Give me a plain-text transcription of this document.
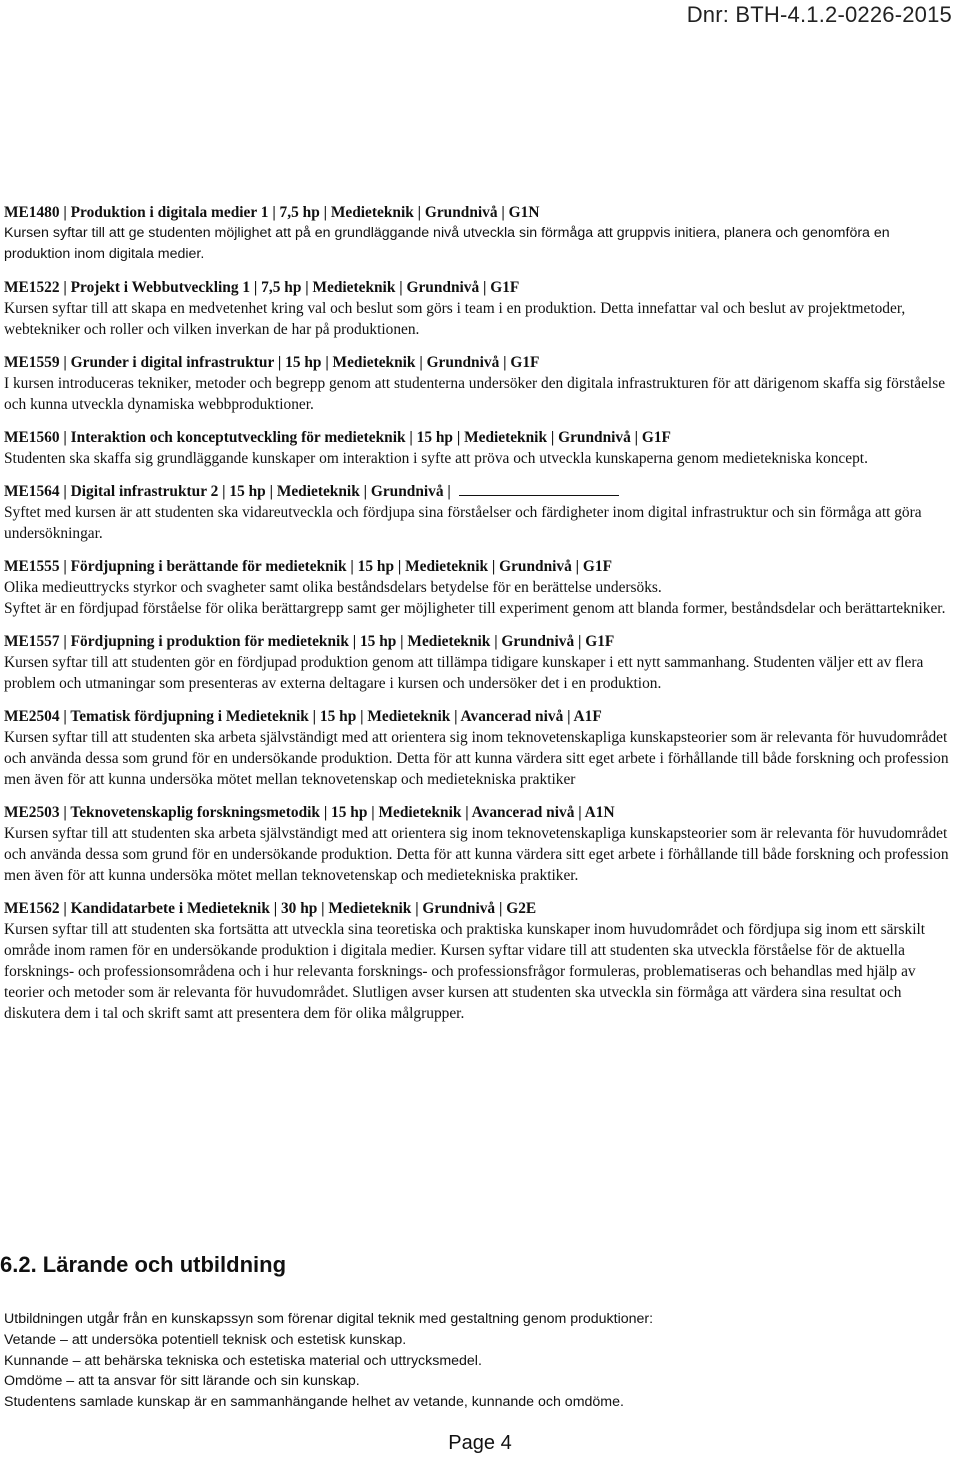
Dnr: BTH-4.1.2-0226-2015
ME1480 | Produktion i digitala medier 1 | 7,5 hp | Medieteknik | Grundnivå | G1N
Kursen syftar till att ge studenten möjlighet att på en grundläggande nivå utveckla sin förmåga att gruppvis initiera, planera och genomföra en produktion inom digitala medier.
ME1522 | Projekt i Webbutveckling 1 | 7,5 hp | Medieteknik | Grundnivå | G1F
Kursen syftar till att skapa en medvetenhet kring val och beslut som görs i team i en produktion. Detta innefattar val och beslut av projektmetoder, webtekniker och roller och vilken inverkan de har på produktionen.
ME1559 | Grunder i digital infrastruktur | 15 hp | Medieteknik | Grundnivå | G1F
I kursen introduceras tekniker, metoder och begrepp genom att studenterna undersöker den digitala infrastrukturen för att därigenom skaffa sig förståelse och kunna utveckla dynamiska webbproduktioner.
ME1560 | Interaktion och konceptutveckling för medieteknik | 15 hp | Medieteknik | Grundnivå | G1F
Studenten ska skaffa sig grundläggande kunskaper om interaktion i syfte att pröva och utveckla kunskaperna genom medietekniska koncept.
ME1564 | Digital infrastruktur 2 | 15 hp | Medieteknik | Grundnivå |
Syftet med kursen är att studenten ska vidareutveckla och fördjupa sina förståelser och färdigheter inom digital infrastruktur och sin förmåga att göra undersökningar.
ME1555 | Fördjupning i berättande för medieteknik | 15 hp | Medieteknik | Grundnivå | G1F
Olika medieuttrycks styrkor och svagheter samt olika beståndsdelars betydelse för en berättelse undersöks.
Syftet är en fördjupad förståelse för olika berättargrepp samt ger möjligheter till experiment genom att blanda former, beståndsdelar och berättartekniker.
ME1557 | Fördjupning i produktion för medieteknik | 15 hp | Medieteknik | Grundnivå | G1F
Kursen syftar till att studenten gör en fördjupad produktion genom att tillämpa tidigare kunskaper i ett nytt sammanhang. Studenten väljer ett av flera problem och utmaningar som presenteras av externa deltagare i kursen och undersöker det i en produktion.
ME2504 | Tematisk fördjupning i Medieteknik | 15 hp | Medieteknik | Avancerad nivå | A1F
Kursen syftar till att studenten ska arbeta självständigt med att orientera sig inom teknovetenskapliga kunskapsteorier som är relevanta för huvudområdet och använda dessa som grund för en undersökande produktion. Detta för att kunna värdera sitt eget arbete i förhållande till både forskning och profession men även för att kunna undersöka mötet mellan teknovetenskap och medietekniska praktiker
ME2503 | Teknovetenskaplig forskningsmetodik | 15 hp | Medieteknik | Avancerad nivå | A1N
Kursen syftar till att studenten ska arbeta självständigt med att orientera sig inom teknovetenskapliga kunskapsteorier som är relevanta för huvudområdet och använda dessa som grund för en undersökande produktion. Detta för att kunna värdera sitt eget arbete i förhållande till både forskning och profession men även för att kunna undersöka mötet mellan teknovetenskap och medietekniska praktiker.
ME1562 | Kandidatarbete i Medieteknik | 30 hp | Medieteknik | Grundnivå | G2E
Kursen syftar till att studenten ska fortsätta att utveckla sina teoretiska och praktiska kunskaper inom huvudområdet och fördjupa sig inom ett särskilt område inom ramen för en undersökande produktion i digitala medier. Kursen syftar vidare till att studenten ska utveckla förståelse för de aktuella forsknings- och professionsområdena och i hur relevanta forsknings- och professionsfrågor formuleras, problematiseras och behandlas med hjälp av teorier och metoder som är relevanta för huvudområdet. Slutligen avser kursen att studenten ska utveckla sin förmåga att värdera sina resultat och diskutera dem i tal och skrift samt att presentera dem för olika målgrupper.
6.2. Lärande och utbildning
Utbildningen utgår från en kunskapssyn som förenar digital teknik med gestaltning genom produktioner:
Vetande – att undersöka potentiell teknisk och estetisk kunskap.
Kunnande – att behärska tekniska och estetiska material och uttrycksmedel.
Omdöme – att ta ansvar för sitt lärande och sin kunskap.
Studentens samlade kunskap är en sammanhängande helhet av vetande, kunnande och omdöme.
Page 4
